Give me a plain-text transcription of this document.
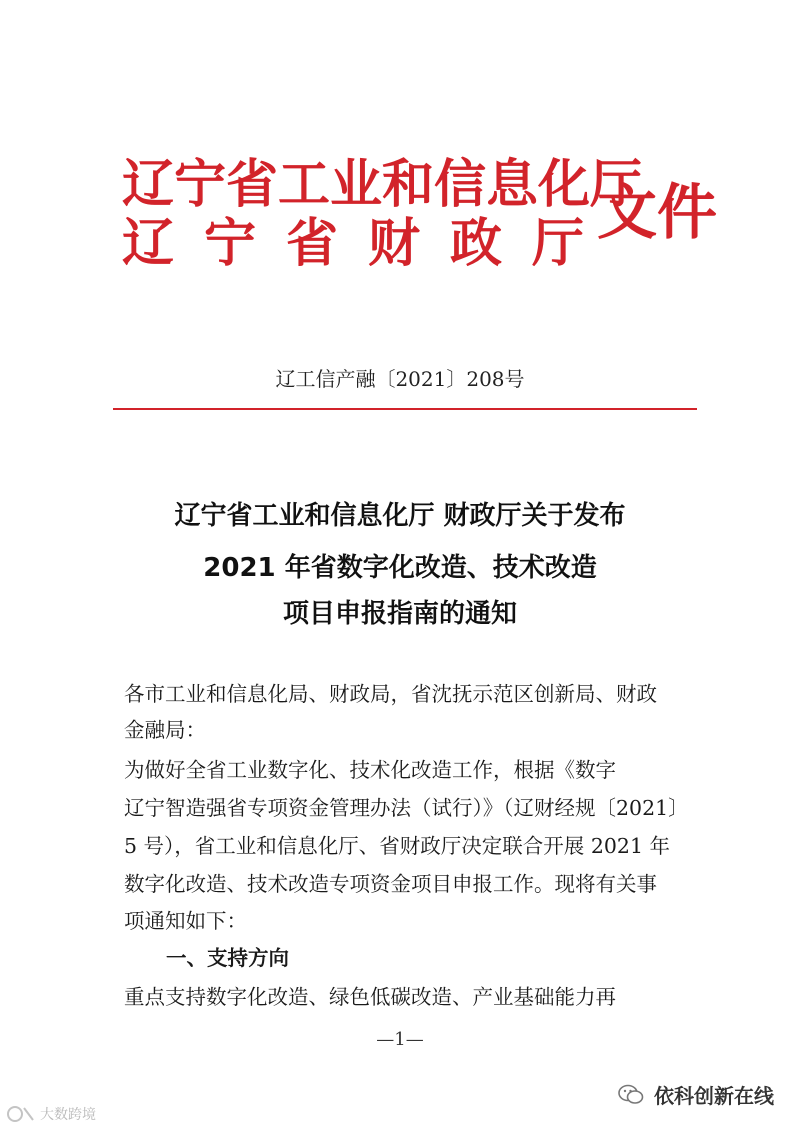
辽宁省工业和信息化厅
辽宁省财政厅
文件
辽工信产融〔2021〕208号
辽宁省工业和信息化厅 财政厅关于发布
2021 年省数字化改造、技术改造
项目申报指南的通知
各市工业和信息化局、财政局，省沈抚示范区创新局、财政
金融局：
为做好全省工业数字化、技术化改造工作，根据《数字
辽宁智造强省专项资金管理办法（试行）》（辽财经规〔2021〕
5 号），省工业和信息化厅、省财政厅决定联合开展 2021 年
数字化改造、技术改造专项资金项目申报工作。现将有关事
项通知如下：
一、支持方向
重点支持数字化改造、绿色低碳改造、产业基础能力再
—1—
大数跨境
依科创新在线
